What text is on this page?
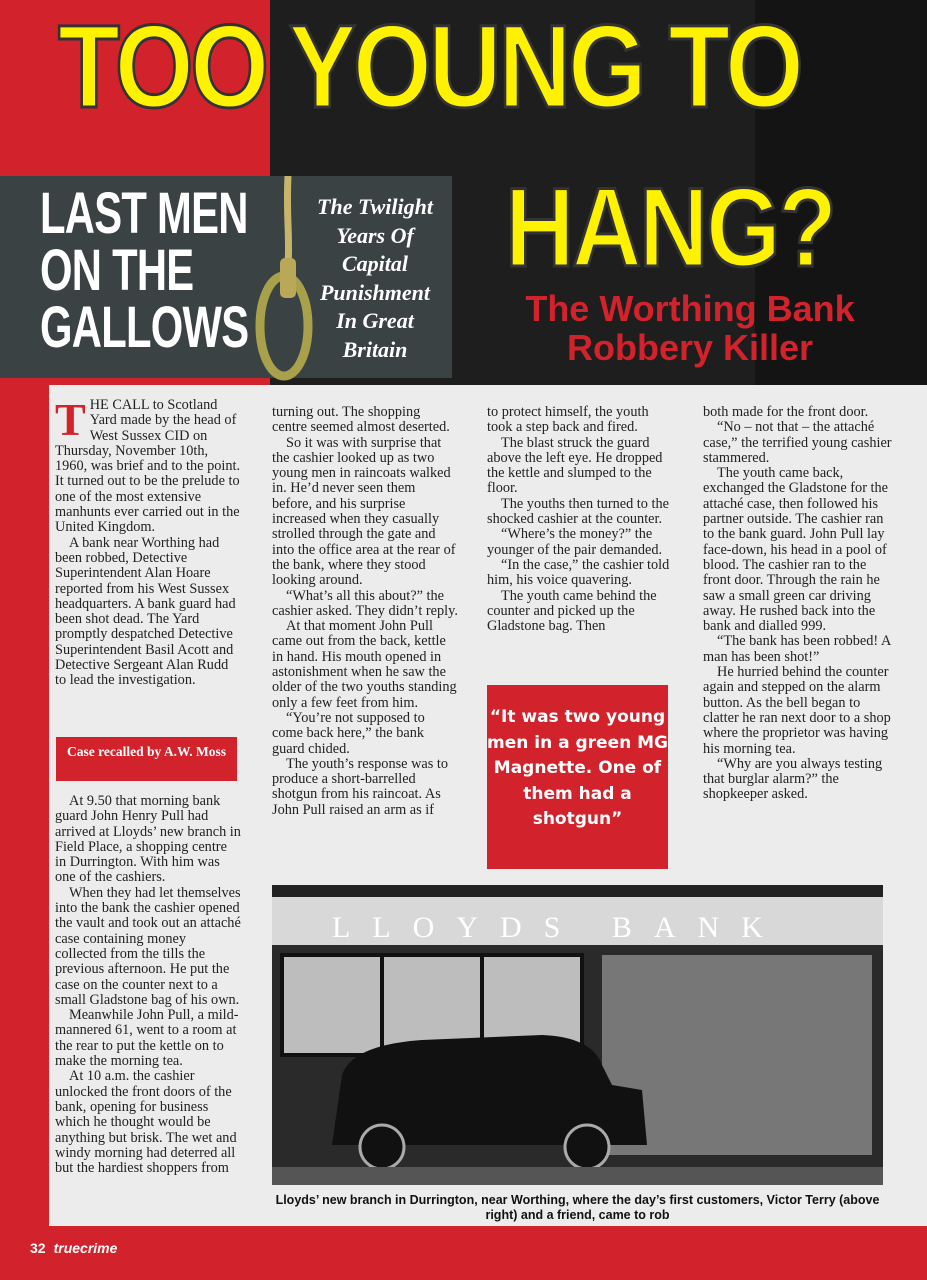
TOO YOUNG TO
LAST MEN ON THE GALLOWS
The Twilight Years Of Capital Punishment In Great Britain
HANG?
The Worthing Bank Robbery Killer

THE CALL to Scotland Yard made by the head of West Sussex CID on Thursday, November 10th, 1960, was brief and to the point. It turned out to be the prelude to one of the most extensive manhunts ever carried out in the United Kingdom.

A bank near Worthing had been robbed, Detective Superintendent Alan Hoare reported from his West Sussex headquarters. A bank guard had been shot dead. The Yard promptly despatched Detective Superintendent Basil Acott and Detective Sergeant Alan Rudd to lead the investigation.

Case recalled by A.W. Moss

At 9.50 that morning bank guard John Henry Pull had arrived at Lloyds’ new branch in Field Place, a shopping centre in Durrington. With him was one of the cashiers.

When they had let themselves into the bank the cashier opened the vault and took out an attaché case containing money collected from the tills the previous afternoon. He put the case on the counter next to a small Gladstone bag of his own.

Meanwhile John Pull, a mild-mannered 61, went to a room at the rear to put the kettle on to make the morning tea.

At 10 a.m. the cashier unlocked the front doors of the bank, opening for business which he thought would be anything but brisk. The wet and windy morning had deterred all but the hardiest shoppers from

turning out. The shopping centre seemed almost deserted.

So it was with surprise that the cashier looked up as two young men in raincoats walked in. He’d never seen them before, and his surprise increased when they casually strolled through the gate and into the office area at the rear of the bank, where they stood looking around.

“What’s all this about?” the cashier asked. They didn’t reply.

At that moment John Pull came out from the back, kettle in hand. His mouth opened in astonishment when he saw the older of the two youths standing only a few feet from him.

“You’re not supposed to come back here,” the bank guard chided.

The youth’s response was to produce a short-barrelled shotgun from his raincoat. As John Pull raised an arm as if

to protect himself, the youth took a step back and fired.

The blast struck the guard above the left eye. He dropped the kettle and slumped to the floor.

The youths then turned to the shocked cashier at the counter.

“Where’s the money?” the younger of the pair demanded.

“In the case,” the cashier told him, his voice quavering.

The youth came behind the counter and picked up the Gladstone bag. Then

“It was two young men in a green MG Magnette. One of them had a shotgun”

both made for the front door.

“No – not that – the attaché case,” the terrified young cashier stammered.

The youth came back, exchanged the Gladstone for the attaché case, then followed his partner outside. The cashier ran to the bank guard. John Pull lay face-down, his head in a pool of blood. The cashier ran to the front door. Through the rain he saw a small green car driving away. He rushed back into the bank and dialled 999.

“The bank has been robbed! A man has been shot!”

He hurried behind the counter again and stepped on the alarm button. As the bell began to clatter he ran next door to a shop where the proprietor was having his morning tea.

“Why are you always testing that burglar alarm?” the shopkeeper asked.

LLOYDS BANK
Lloyds’ new branch in Durrington, near Worthing, where the day’s first customers, Victor Terry (above right) and a friend, came to rob
32 truecrime
